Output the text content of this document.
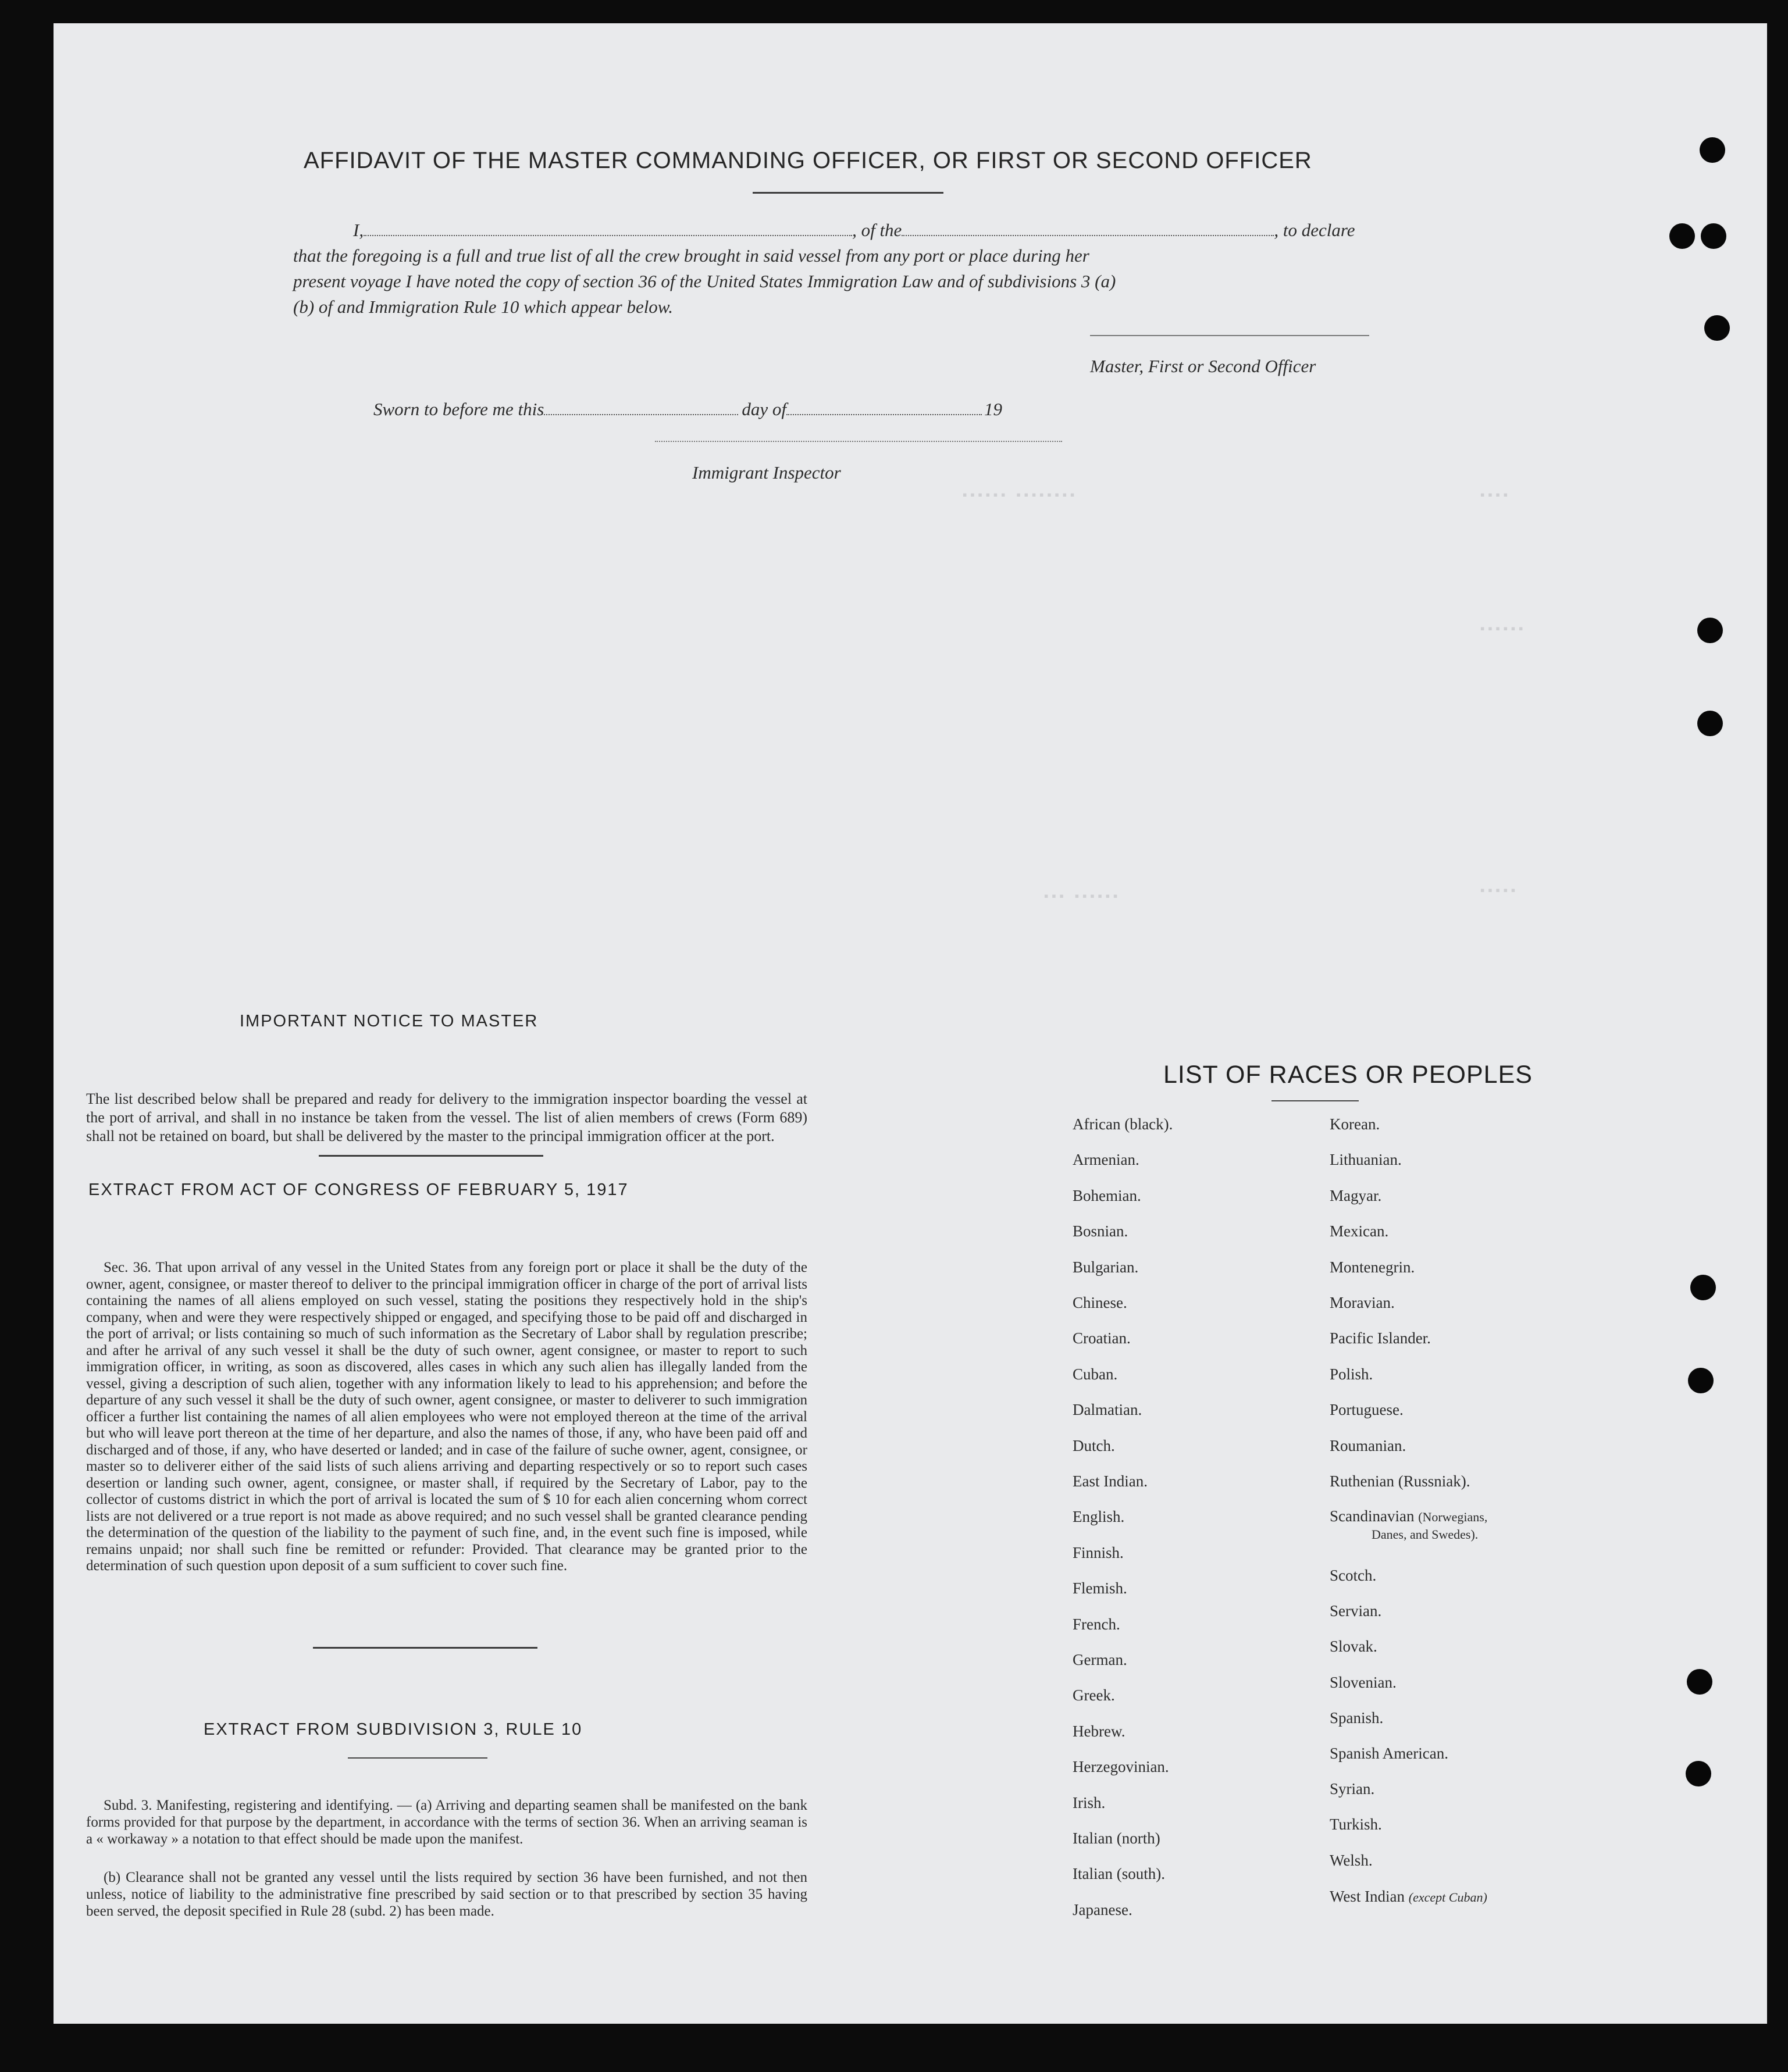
AFFIDAVIT OF THE MASTER COMMANDING OFFICER, OR FIRST OR SECOND OFFICER
I,	, of the	, to declare
that the foregoing is a full and true list of all the crew brought in said vessel from any port or place during her
present voyage I have noted the copy of section 36 of the United States Immigration Law and of subdivisions 3 (a)
(b) of and Immigration Rule 10 which appear below.
Master, First or Second Officer
Sworn to before me this	day of	19
Immigrant Inspector
▪▪▪▪▪▪ ▪▪▪▪▪▪▪▪	▪▪▪▪
▪▪▪▪▪▪
▪▪▪▪▪
▪▪▪ ▪▪▪▪▪▪
IMPORTANT NOTICE TO MASTER
The list described below shall be prepared and ready for delivery to the immigration inspector boarding the vessel at the port of arrival, and shall in no instance be taken from the vessel. The list of alien members of crews (Form 689) shall not be retained on board, but shall be delivered by the master to the principal immigration officer at the port.
EXTRACT FROM ACT OF CONGRESS OF FEBRUARY 5, 1917
Sec. 36. That upon arrival of any vessel in the United States from any foreign port or place it shall be the duty of the owner, agent, consignee, or master thereof to deliver to the principal immigration officer in charge of the port of arrival lists containing the names of all aliens employed on such vessel, stating the positions they respectively hold in the ship's company, when and were they were respectively shipped or engaged, and specifying those to be paid off and discharged in the port of arrival; or lists containing so much of such information as the Secretary of Labor shall by regulation prescribe; and after he arrival of any such vessel it shall be the duty of such owner, agent consignee, or master to report to such immigration officer, in writing, as soon as discovered, alles cases in which any such alien has illegally landed from the vessel, giving a description of such alien, together with any information likely to lead to his apprehension; and before the departure of any such vessel it shall be the duty of such owner, agent consignee, or master to deliverer to such immigration officer a further list containing the names of all alien employees who were not employed thereon at the time of the arrival but who will leave port thereon at the time of her departure, and also the names of those, if any, who have been paid off and discharged and of those, if any, who have deserted or landed; and in case of the failure of suche owner, agent, consignee, or master so to deliverer either of the said lists of such aliens arriving and departing respectively or so to report such cases desertion or landing such owner, agent, consignee, or master shall, if required by the Secretary of Labor, pay to the collector of customs district in which the port of arrival is located the sum of $ 10 for each alien concerning whom correct lists are not delivered or a true report is not made as above required; and no such vessel shall be granted clearance pending the determination of the question of the liability to the payment of such fine, and, in the event such fine is imposed, while remains unpaid; nor shall such fine be remitted or refunder: Provided. That clearance may be granted prior to the determination of such question upon deposit of a sum sufficient to cover such fine.
EXTRACT FROM SUBDIVISION 3, RULE 10
Subd. 3. Manifesting, registering and identifying. — (a) Arriving and departing seamen shall be manifested on the bank forms provided for that purpose by the department, in accordance with the terms of section 36. When an arriving seaman is a « workaway » a notation to that effect should be made upon the manifest.
(b) Clearance shall not be granted any vessel until the lists required by section 36 have been furnished, and not then unless, notice of liability to the administrative fine prescribed by said section or to that prescribed by section 35 having been served, the deposit specified in Rule 28 (subd. 2) has been made.
LIST OF RACES OR PEOPLES
African (black).
Armenian.
Bohemian.
Bosnian.
Bulgarian.
Chinese.
Croatian.
Cuban.
Dalmatian.
Dutch.
East Indian.
English.
Finnish.
Flemish.
French.
German.
Greek.
Hebrew.
Herzegovinian.
Irish.
Italian (north)
Italian (south).
Japanese.
Korean.
Lithuanian.
Magyar.
Mexican.
Montenegrin.
Moravian.
Pacific Islander.
Polish.
Portuguese.
Roumanian.
Ruthenian (Russniak).
Scotch.
Servian.
Slovak.
Slovenian.
Spanish.
Spanish American.
Syrian.
Turkish.
Welsh.
Scandinavian (Norwegians,
Danes, and Swedes).
West Indian (except Cuban)
